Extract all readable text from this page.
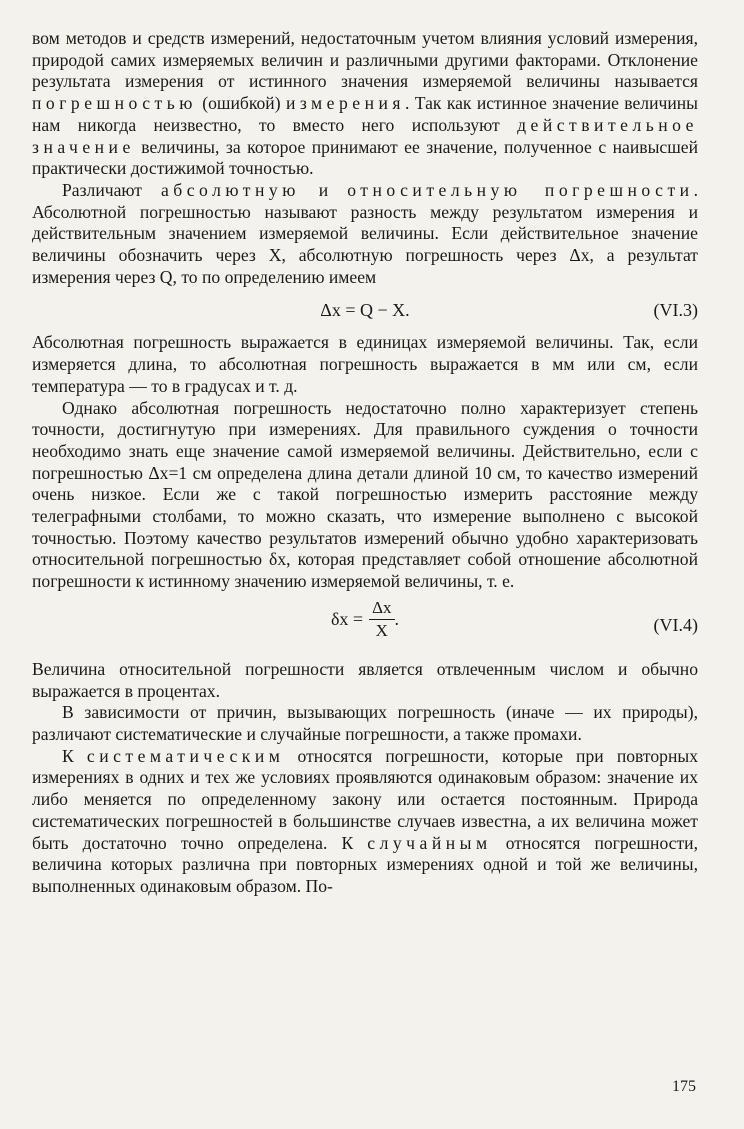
вом методов и средств измерений, недостаточным учетом влияния условий измерения, природой самих измеряемых величин и различными другими факторами. Отклонение результата измерения от истинного значения измеряемой величины называется погрешностью (ошибкой) измерения. Так как истинное значение величины нам никогда неизвестно, то вместо него используют действительное значение величины, за которое принимают ее значение, полученное с наивысшей практически достижимой точностью.

Различают абсолютную и относительную погрешности. Абсолютной погрешностью называют разность между результатом измерения и действительным значением измеряемой величины. Если действительное значение величины обозначить через X, абсолютную погрешность через Δx, а результат измерения через Q, то по определению имеем

Δx = Q − X.	(VI.3)

Абсолютная погрешность выражается в единицах измеряемой величины. Так, если измеряется длина, то абсолютная погрешность выражается в мм или см, если температура — то в градусах и т. д.

Однако абсолютная погрешность недостаточно полно характеризует степень точности, достигнутую при измерениях. Для правильного суждения о точности необходимо знать еще значение самой измеряемой величины. Действительно, если с погрешностью Δx=1 см определена длина детали длиной 10 см, то качество измерений очень низкое. Если же с такой погрешностью измерить расстояние между телеграфными столбами, то можно сказать, что измерение выполнено с высокой точностью. Поэтому качество результатов измерений обычно удобно характеризовать относительной погрешностью δx, которая представляет собой отношение абсолютной погрешности к истинному значению измеряемой величины, т. е.

$\delta x = \frac{\Delta x}{X}$ .	(VI.4)

Величина относительной погрешности является отвлеченным числом и обычно выражается в процентах.

В зависимости от причин, вызывающих погрешность (иначе — их природы), различают систематические и случайные погрешности, а также промахи.

К систематическим относятся погрешности, которые при повторных измерениях в одних и тех же условиях проявляются одинаковым образом: значение их либо меняется по определенному закону или остается постоянным. Природа систематических погрешностей в большинстве случаев известна, а их величина может быть достаточно точно определена. К случайным относятся погрешности, величина которых различна при повторных измерениях одной и той же величины, выполненных одинаковым образом. По-

175
